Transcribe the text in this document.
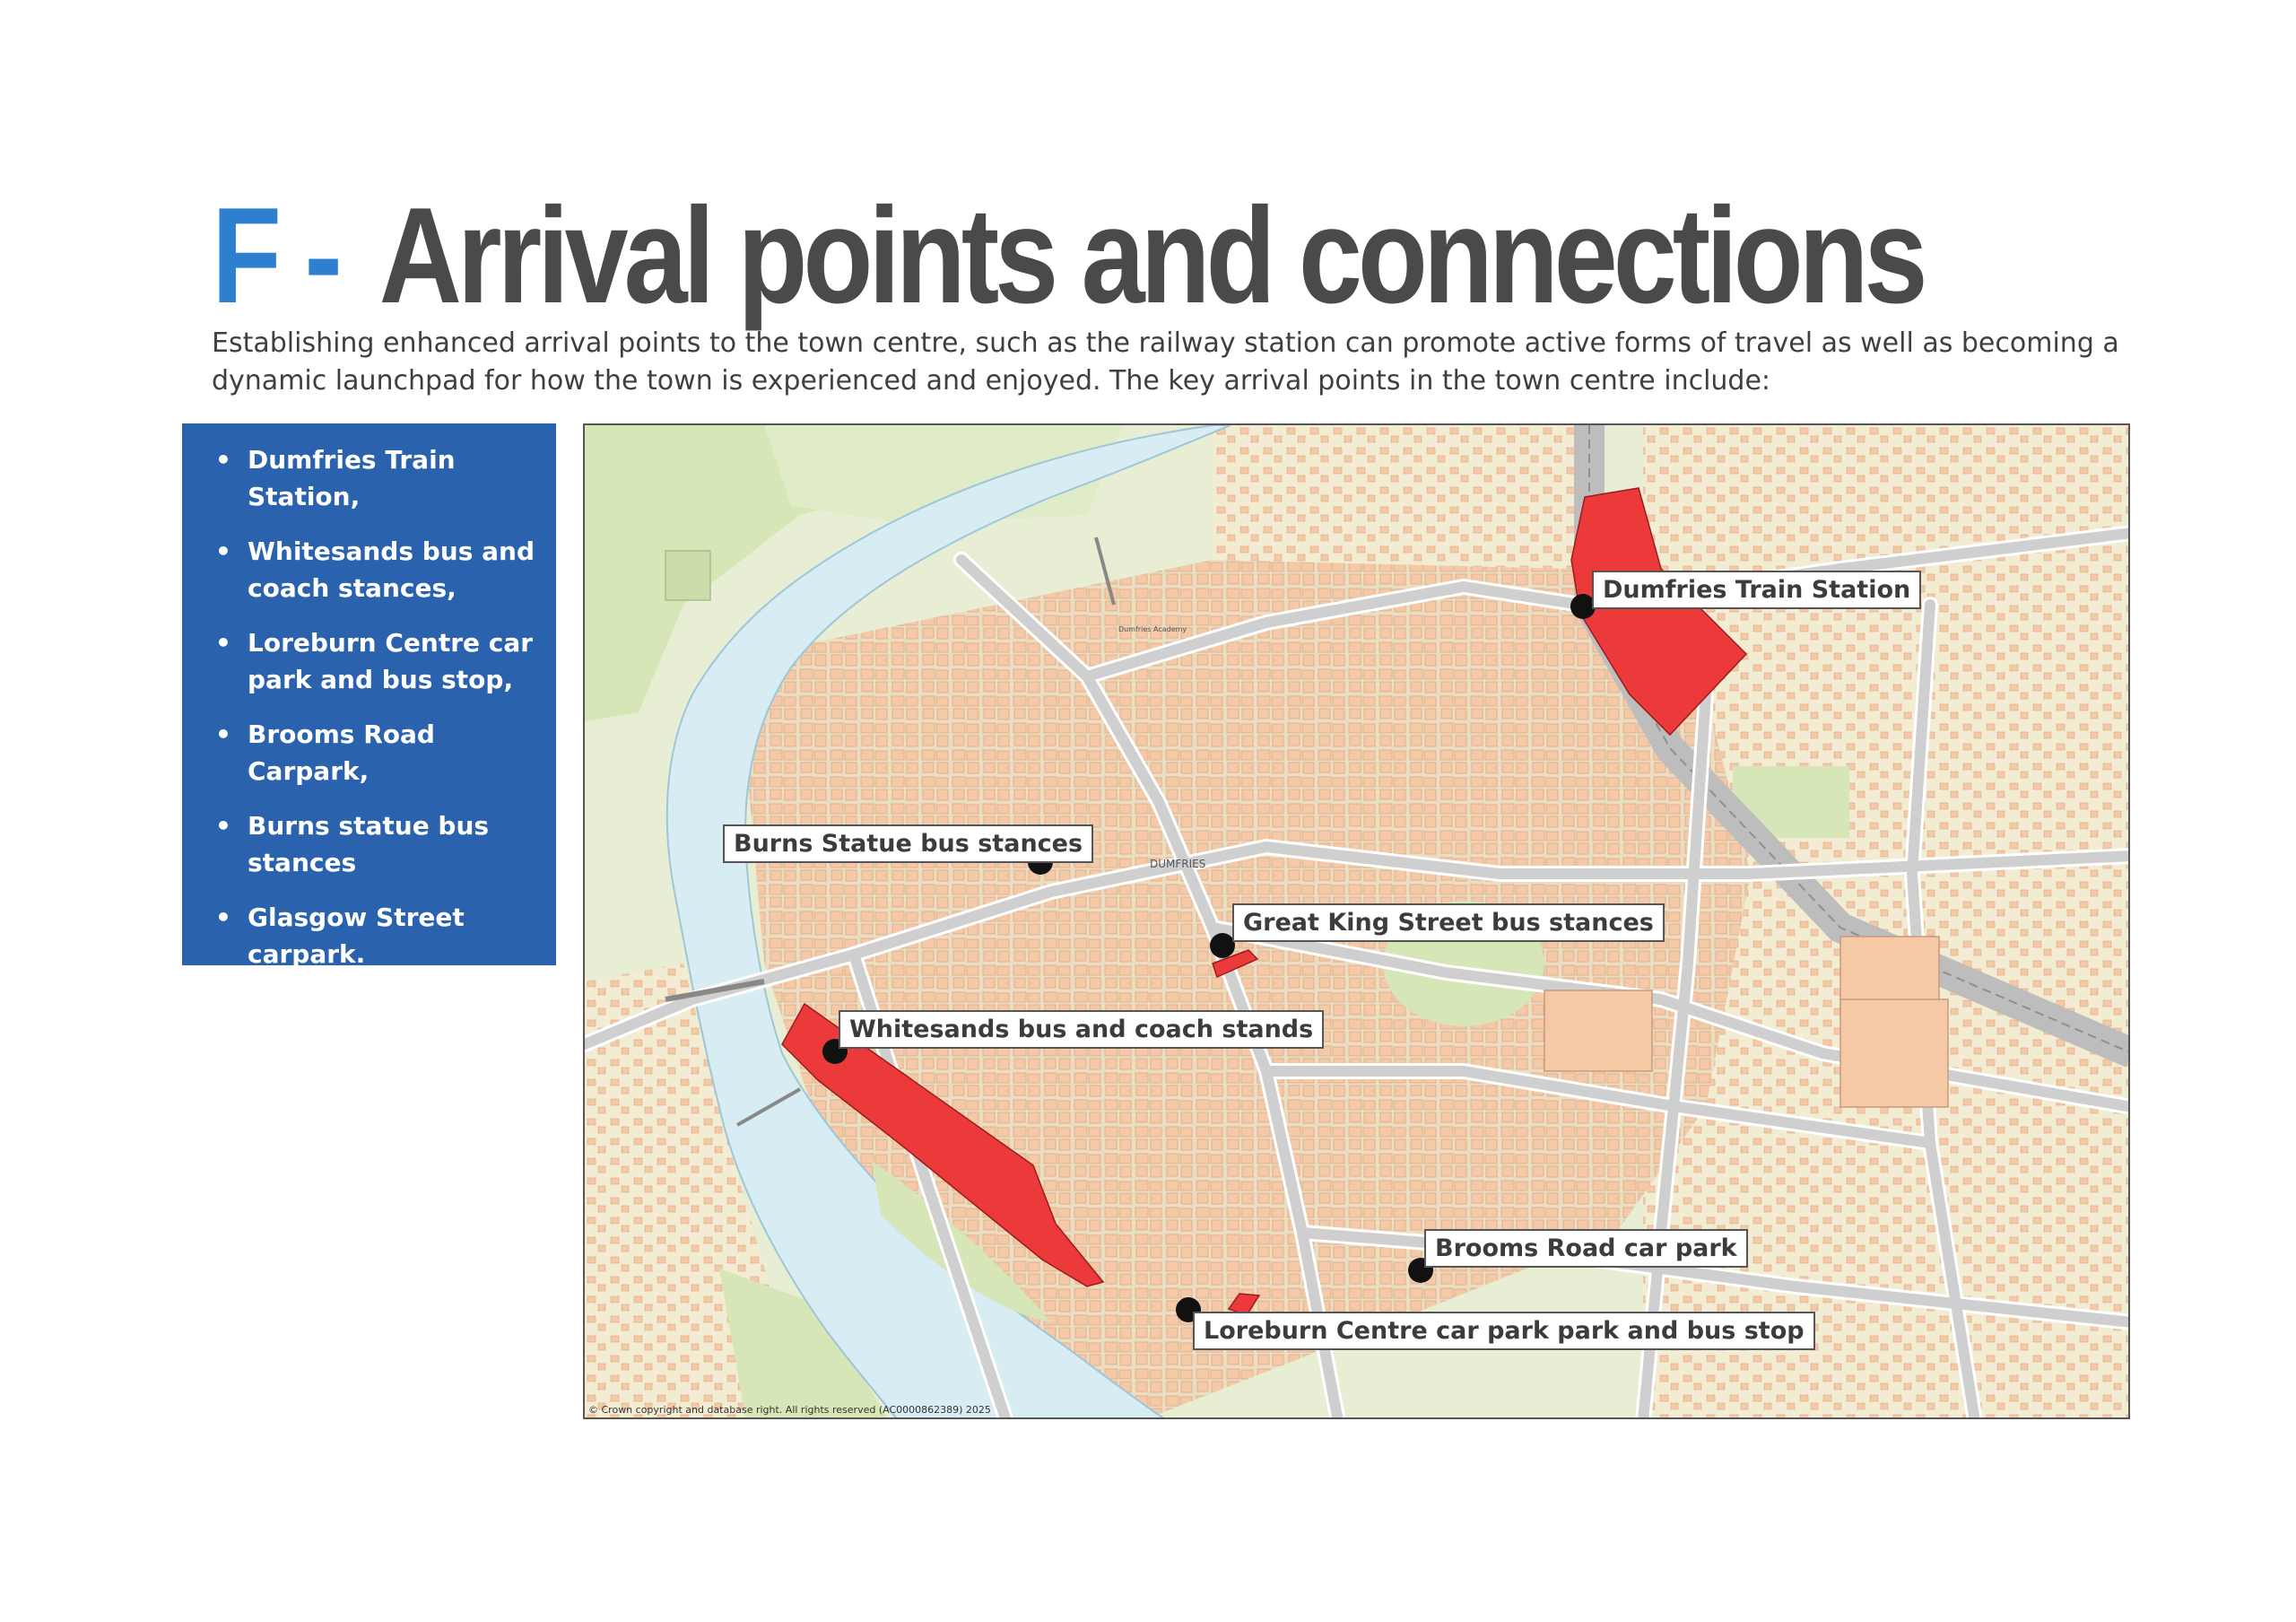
F - Arrival points and connections

Establishing enhanced arrival points to the town centre, such as the railway station can promote active forms of travel as well as becoming a dynamic launchpad for how the town is experienced and enjoyed. The key arrival points in the town centre include:

• Dumfries Train Station,
• Whitesands bus and coach stances,
• Loreburn Centre car park and bus stop,
• Brooms Road Carpark,
• Burns statue bus stances
• Glasgow Street carpark.
DUMFRIES
Dumfries Academy
Dumfries Train Station
Burns Statue bus stances
Great King Street bus stances
Whitesands bus and coach stands
Brooms Road car park
Loreburn Centre car park park and bus stop
© Crown copyright and database right. All rights reserved (AC0000862389) 2025
